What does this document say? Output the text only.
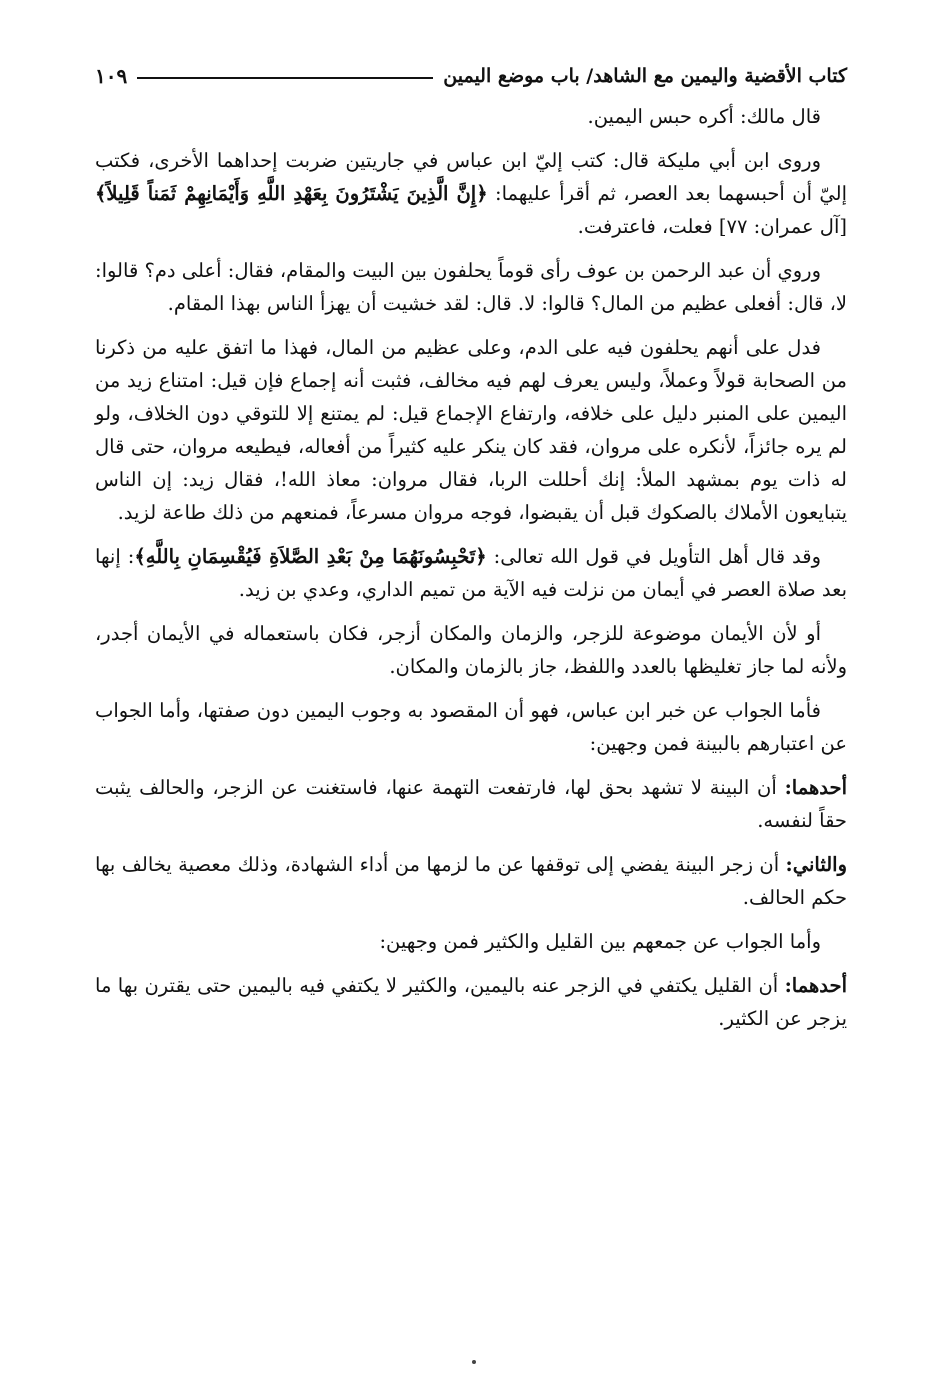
كتاب الأقضية واليمين مع الشاهد/ باب موضع اليمين
١٠٩

قال مالك: أكره حبس اليمين.

وروى ابن أبي مليكة قال: كتب إليّ ابن عباس في جاريتين ضربت إحداهما الأخرى، فكتب إليّ أن أحبسهما بعد العصر، ثم أقرأ عليهما: ﴿إِنَّ الَّذِينَ يَشْتَرُونَ بِعَهْدِ اللَّهِ وَأَيْمَانِهِمْ ثَمَناً قَلِيلاً﴾ [آل عمران: ٧٧] فعلت، فاعترفت.

وروي أن عبد الرحمن بن عوف رأى قوماً يحلفون بين البيت والمقام، فقال: أعلى دم؟ قالوا: لا، قال: أفعلى عظيم من المال؟ قالوا: لا. قال: لقد خشيت أن يهزأ الناس بهذا المقام.

فدل على أنهم يحلفون فيه على الدم، وعلى عظيم من المال، فهذا ما اتفق عليه من ذكرنا من الصحابة قولاً وعملاً، وليس يعرف لهم فيه مخالف، فثبت أنه إجماع فإن قيل: امتناع زيد من اليمين على المنبر دليل على خلافه، وارتفاع الإجماع قيل: لم يمتنع إلا للتوقي دون الخلاف، ولو لم يره جائزاً، لأنكره على مروان، فقد كان ينكر عليه كثيراً من أفعاله، فيطيعه مروان، حتى قال له ذات يوم بمشهد الملأ: إنك أحللت الربا، فقال مروان: معاذ الله!، فقال زيد: إن الناس يتبايعون الأملاك بالصكوك قبل أن يقبضوا، فوجه مروان مسرعاً، فمنعهم من ذلك طاعة لزيد.

وقد قال أهل التأويل في قول الله تعالى: ﴿تَحْبِسُونَهُمَا مِنْ بَعْدِ الصَّلاَةِ فَيُقْسِمَانِ بِاللَّهِ﴾: إنها بعد صلاة العصر في أيمان من نزلت فيه الآية من تميم الداري، وعدي بن زيد.

أو لأن الأيمان موضوعة للزجر، والزمان والمكان أزجر، فكان باستعماله في الأيمان أجدر، ولأنه لما جاز تغليظها بالعدد واللفظ، جاز بالزمان والمكان.

فأما الجواب عن خبر ابن عباس، فهو أن المقصود به وجوب اليمين دون صفتها، وأما الجواب عن اعتبارهم بالبينة فمن وجهين:

أحدهما: أن البينة لا تشهد بحق لها، فارتفعت التهمة عنها، فاستغنت عن الزجر، والحالف يثبت حقاً لنفسه.

والثاني: أن زجر البينة يفضي إلى توقفها عن ما لزمها من أداء الشهادة، وذلك معصية يخالف بها حكم الحالف.

وأما الجواب عن جمعهم بين القليل والكثير فمن وجهين:

أحدهما: أن القليل يكتفي في الزجر عنه باليمين، والكثير لا يكتفي فيه باليمين حتى يقترن بها ما يزجر عن الكثير.
